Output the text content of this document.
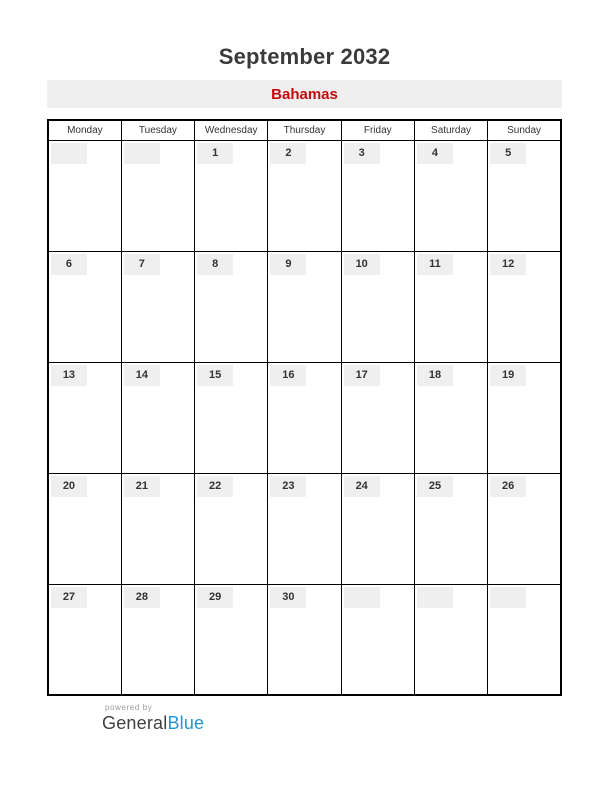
September 2032
Bahamas
Monday	Tuesday	Wednesday	Thursday	Friday	Saturday	Sunday

		1	2	3	4	5

6	7	8	9	10	11	12

13	14	15	16	17	18	19

20	21	22	23	24	25	26

27	28	29	30			

powered by
GeneralBlue
